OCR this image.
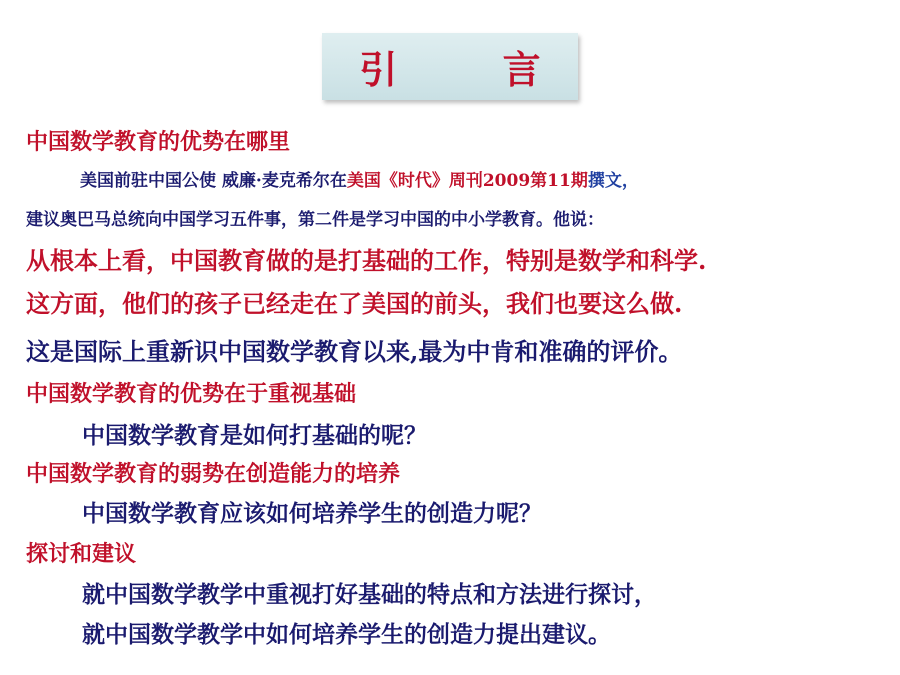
引 言
中国数学教育的优势在哪里
美国前驻中国公使 威廉·麦克希尔在美国《时代》周刊2009第11期撰文，
建议奥巴马总统向中国学习五件事，第二件是学习中国的中小学教育。他说：
从根本上看，中国教育做的是打基础的工作，特别是数学和科学.
这方面，他们的孩子已经走在了美国的前头，我们也要这么做.
这是国际上重新识中国数学教育以来,最为中肯和准确的评价。
中国数学教育的优势在于重视基础
中国数学教育是如何打基础的呢？
中国数学教育的弱势在创造能力的培养
中国数学教育应该如何培养学生的创造力呢？
探讨和建议
就中国数学教学中重视打好基础的特点和方法进行探讨，
就中国数学教学中如何培养学生的创造力提出建议。
